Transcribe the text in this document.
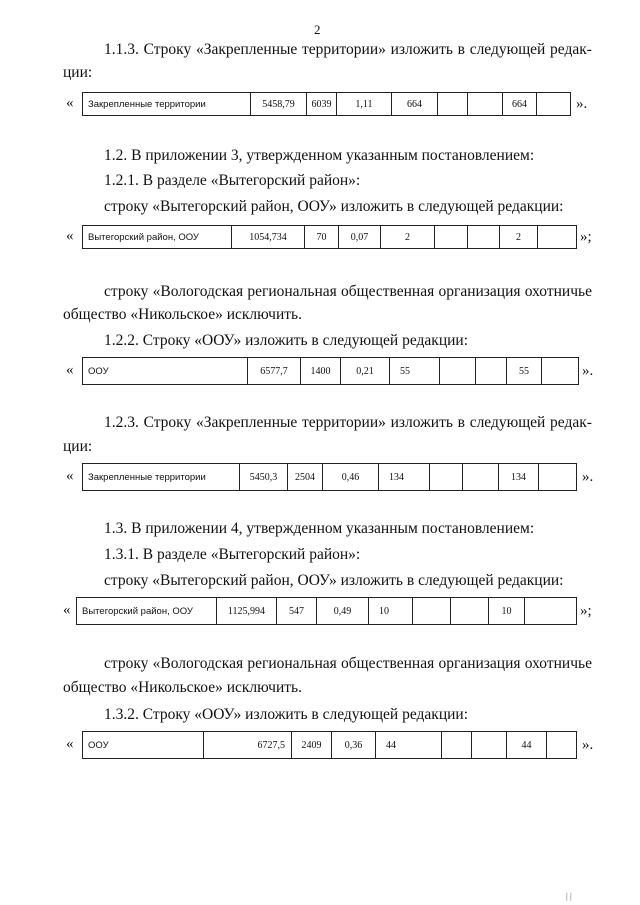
2
1.1.3. Строку «Закрепленные территории» изложить в следующей редак-
ции:
« Закрепленные территории	5458,79	6039	1,11	664			664		».
1.2. В приложении 3, утвержденном указанным постановлением:
1.2.1. В разделе «Вытегорский район»:
строку «Вытегорский район, ООУ» изложить в следующей редакции:
« Вытегорский район, ООУ	1054,734	70	0,07	2			2		»;
строку «Вологодская региональная общественная организация охотничье
общество «Никольское» исключить.
1.2.2. Строку «ООУ» изложить в следующей редакции:
« ООУ	6577,7	1400	0,21	55			55		».
1.2.3. Строку «Закрепленные территории» изложить в следующей редак-
ции:
« Закрепленные территории	5450,3	2504	0,46	134			134		».
1.3. В приложении 4, утвержденном указанным постановлением:
1.3.1. В разделе «Вытегорский район»:
строку «Вытегорский район, ООУ» изложить в следующей редакции:
« Вытегорский район, ООУ	1125,994	547	0,49	10			10		»;
строку «Вологодская региональная общественная организация охотничье
общество «Никольское» исключить.
1.3.2. Строку «ООУ» изложить в следующей редакции:
« ООУ	6727,5	2409	0,36	44			44		».
| |
